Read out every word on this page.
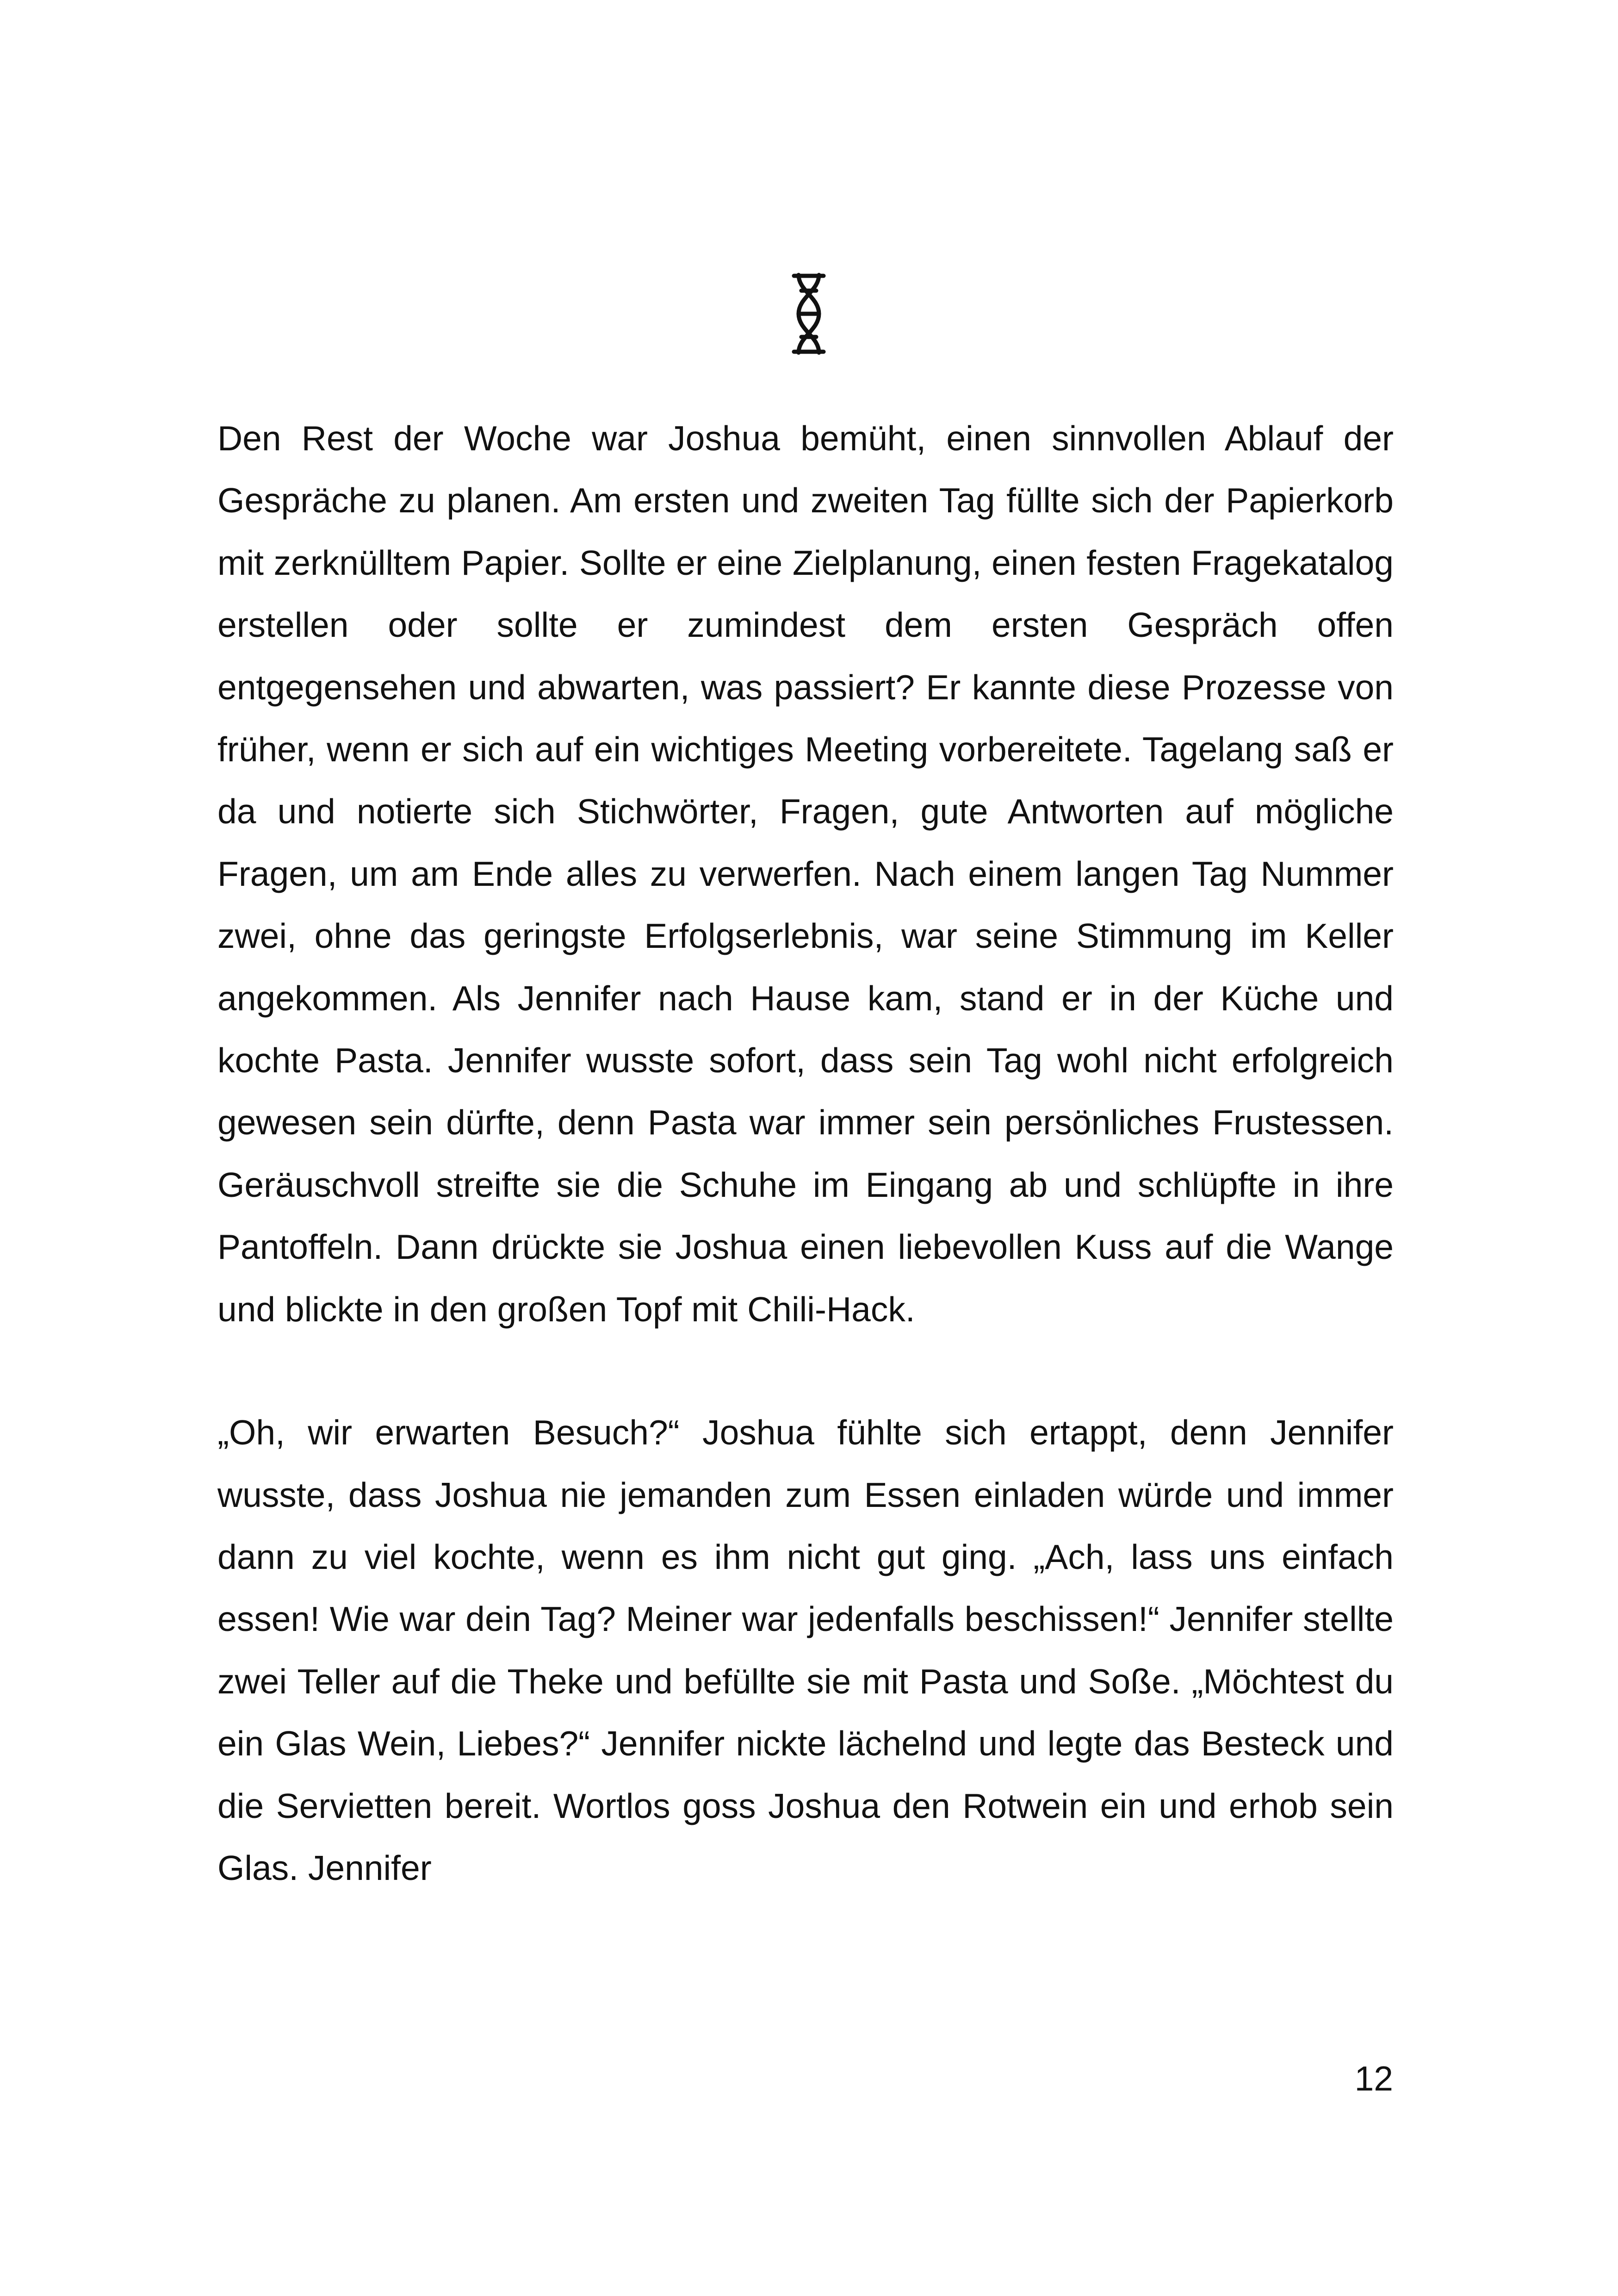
Den Rest der Woche war Joshua bemüht, einen sinnvollen Ablauf der Gespräche zu planen. Am ersten und zweiten Tag füllte sich der Papierkorb mit zerknülltem Papier. Sollte er eine Zielplanung, einen festen Fragekatalog erstellen oder sollte er zumindest dem ersten Gespräch offen entgegensehen und abwarten, was passiert? Er kannte diese Prozesse von früher, wenn er sich auf ein wichtiges Meeting vorbereitete. Tagelang saß er da und notierte sich Stichwörter, Fragen, gute Antworten auf mögliche Fragen, um am Ende alles zu verwerfen. Nach einem langen Tag Nummer zwei, ohne das geringste Erfolgserlebnis, war seine Stimmung im Keller angekommen. Als Jennifer nach Hause kam, stand er in der Küche und kochte Pasta. Jennifer wusste sofort, dass sein Tag wohl nicht erfolgreich gewesen sein dürfte, denn Pasta war immer sein persönliches Frustessen. Geräuschvoll streifte sie die Schuhe im Eingang ab und schlüpfte in ihre Pantoffeln. Dann drückte sie Joshua einen liebevollen Kuss auf die Wange und blickte in den großen Topf mit Chili-Hack.

„Oh, wir erwarten Besuch?“ Joshua fühlte sich ertappt, denn Jennifer wusste, dass Joshua nie jemanden zum Essen einladen würde und immer dann zu viel kochte, wenn es ihm nicht gut ging. „Ach, lass uns einfach essen! Wie war dein Tag? Meiner war jedenfalls beschissen!“ Jennifer stellte zwei Teller auf die Theke und befüllte sie mit Pasta und Soße. „Möchtest du ein Glas Wein, Liebes?“ Jennifer nickte lächelnd und legte das Besteck und die Servietten bereit. Wortlos goss Joshua den Rotwein ein und erhob sein Glas. Jennifer

12
